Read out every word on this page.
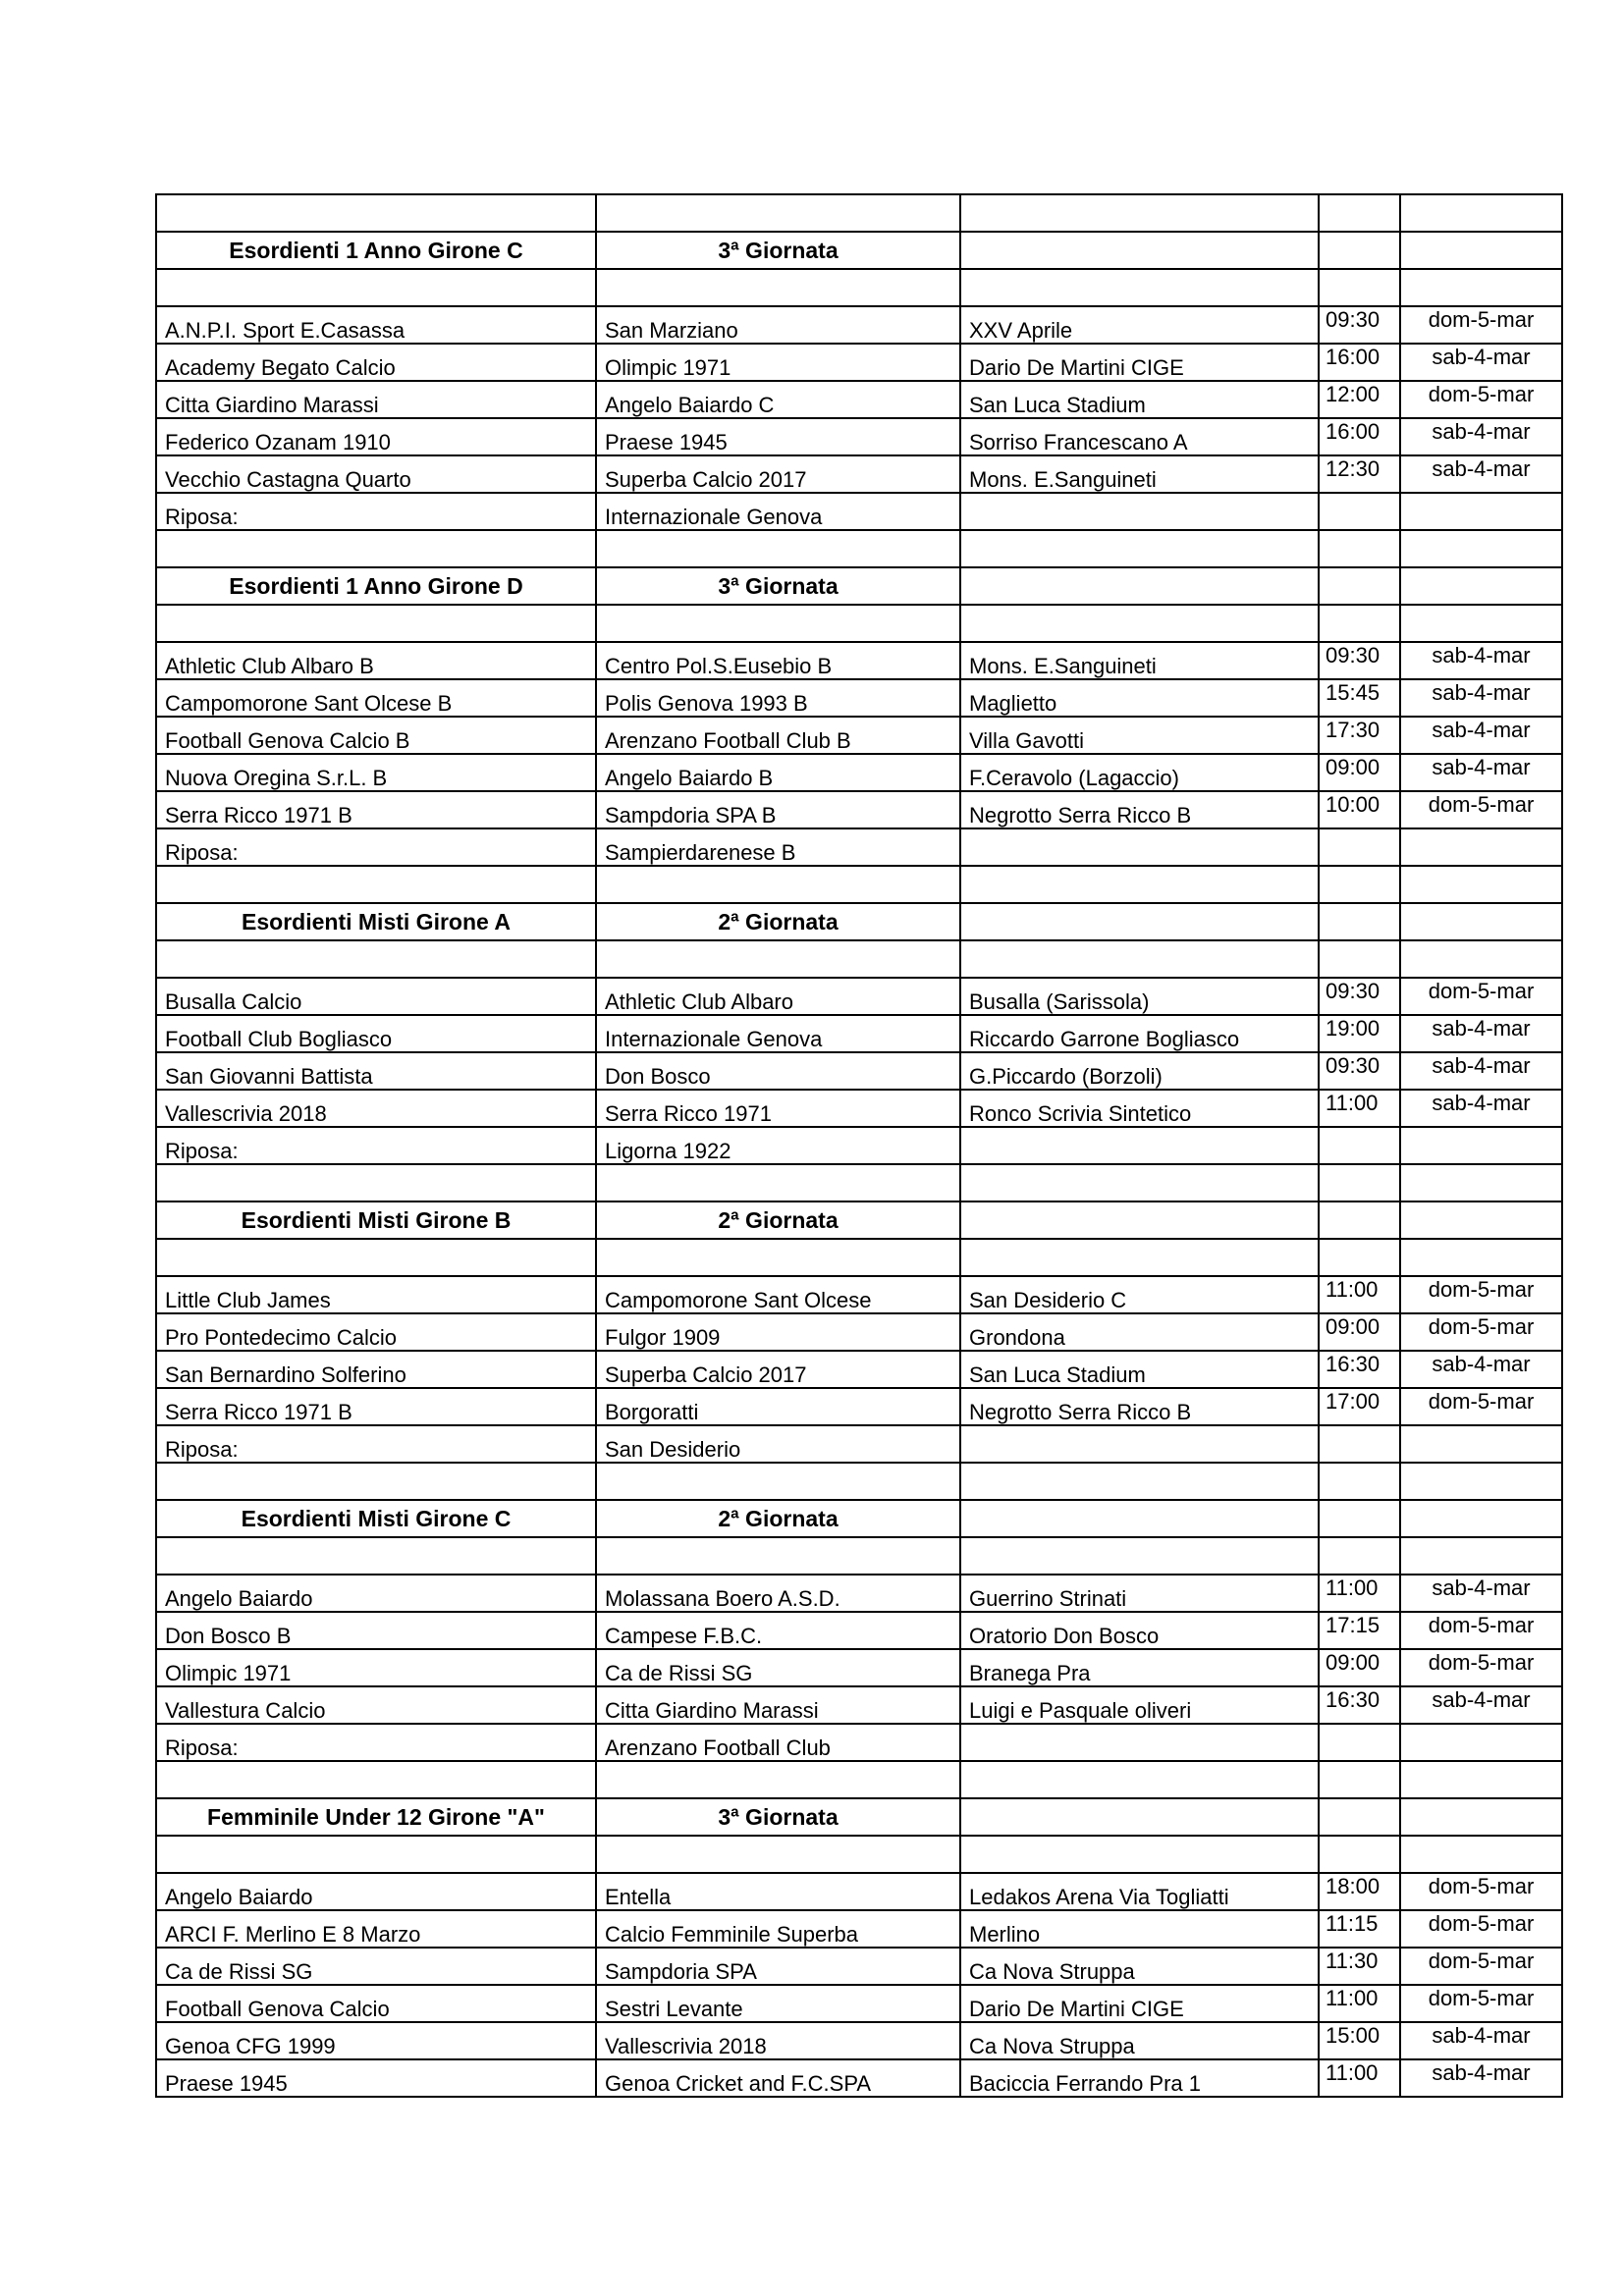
Esordienti 1 Anno Girone C	3ª Giornata			

A.N.P.I. Sport E.Casassa	San Marziano	XXV Aprile	09:30	dom-5-mar
Academy Begato Calcio	Olimpic 1971	Dario De Martini CIGE	16:00	sab-4-mar
Citta Giardino Marassi	Angelo Baiardo C	San Luca Stadium	12:00	dom-5-mar
Federico Ozanam 1910	Praese 1945	Sorriso Francescano A	16:00	sab-4-mar
Vecchio Castagna Quarto	Superba Calcio 2017	Mons. E.Sanguineti	12:30	sab-4-mar
Riposa:	Internazionale Genova			

Esordienti 1 Anno Girone D	3ª Giornata			

Athletic Club Albaro B	Centro Pol.S.Eusebio B	Mons. E.Sanguineti	09:30	sab-4-mar
Campomorone Sant Olcese B	Polis Genova 1993 B	Maglietto	15:45	sab-4-mar
Football Genova Calcio B	Arenzano Football Club B	Villa Gavotti	17:30	sab-4-mar
Nuova Oregina S.r.L. B	Angelo Baiardo B	F.Ceravolo (Lagaccio)	09:00	sab-4-mar
Serra Ricco 1971 B	Sampdoria SPA B	Negrotto Serra Ricco B	10:00	dom-5-mar
Riposa:	Sampierdarenese B			

Esordienti Misti Girone A	2ª Giornata			

Busalla Calcio	Athletic Club Albaro	Busalla (Sarissola)	09:30	dom-5-mar
Football Club Bogliasco	Internazionale Genova	Riccardo Garrone Bogliasco	19:00	sab-4-mar
San Giovanni Battista	Don Bosco	G.Piccardo (Borzoli)	09:30	sab-4-mar
Vallescrivia 2018	Serra Ricco 1971	Ronco Scrivia Sintetico	11:00	sab-4-mar
Riposa:	Ligorna 1922			

Esordienti Misti Girone B	2ª Giornata			

Little Club James	Campomorone Sant Olcese	San Desiderio C	11:00	dom-5-mar
Pro Pontedecimo Calcio	Fulgor 1909	Grondona	09:00	dom-5-mar
San Bernardino Solferino	Superba Calcio 2017	San Luca Stadium	16:30	sab-4-mar
Serra Ricco 1971 B	Borgoratti	Negrotto Serra Ricco B	17:00	dom-5-mar
Riposa:	San Desiderio			

Esordienti Misti Girone C	2ª Giornata			

Angelo Baiardo	Molassana Boero A.S.D.	Guerrino Strinati	11:00	sab-4-mar
Don Bosco B	Campese F.B.C.	Oratorio Don Bosco	17:15	dom-5-mar
Olimpic 1971	Ca de Rissi SG	Branega Pra	09:00	dom-5-mar
Vallestura Calcio	Citta Giardino Marassi	Luigi e Pasquale oliveri	16:30	sab-4-mar
Riposa:	Arenzano Football Club			

Femminile Under 12 Girone "A"	3ª Giornata			

Angelo Baiardo	Entella	Ledakos Arena Via Togliatti	18:00	dom-5-mar
ARCI F. Merlino E 8 Marzo	Calcio Femminile Superba	Merlino	11:15	dom-5-mar
Ca de Rissi SG	Sampdoria SPA	Ca Nova Struppa	11:30	dom-5-mar
Football Genova Calcio	Sestri Levante	Dario De Martini CIGE	11:00	dom-5-mar
Genoa CFG 1999	Vallescrivia 2018	Ca Nova Struppa	15:00	sab-4-mar
Praese 1945	Genoa Cricket and F.C.SPA	Baciccia Ferrando Pra 1	11:00	sab-4-mar
